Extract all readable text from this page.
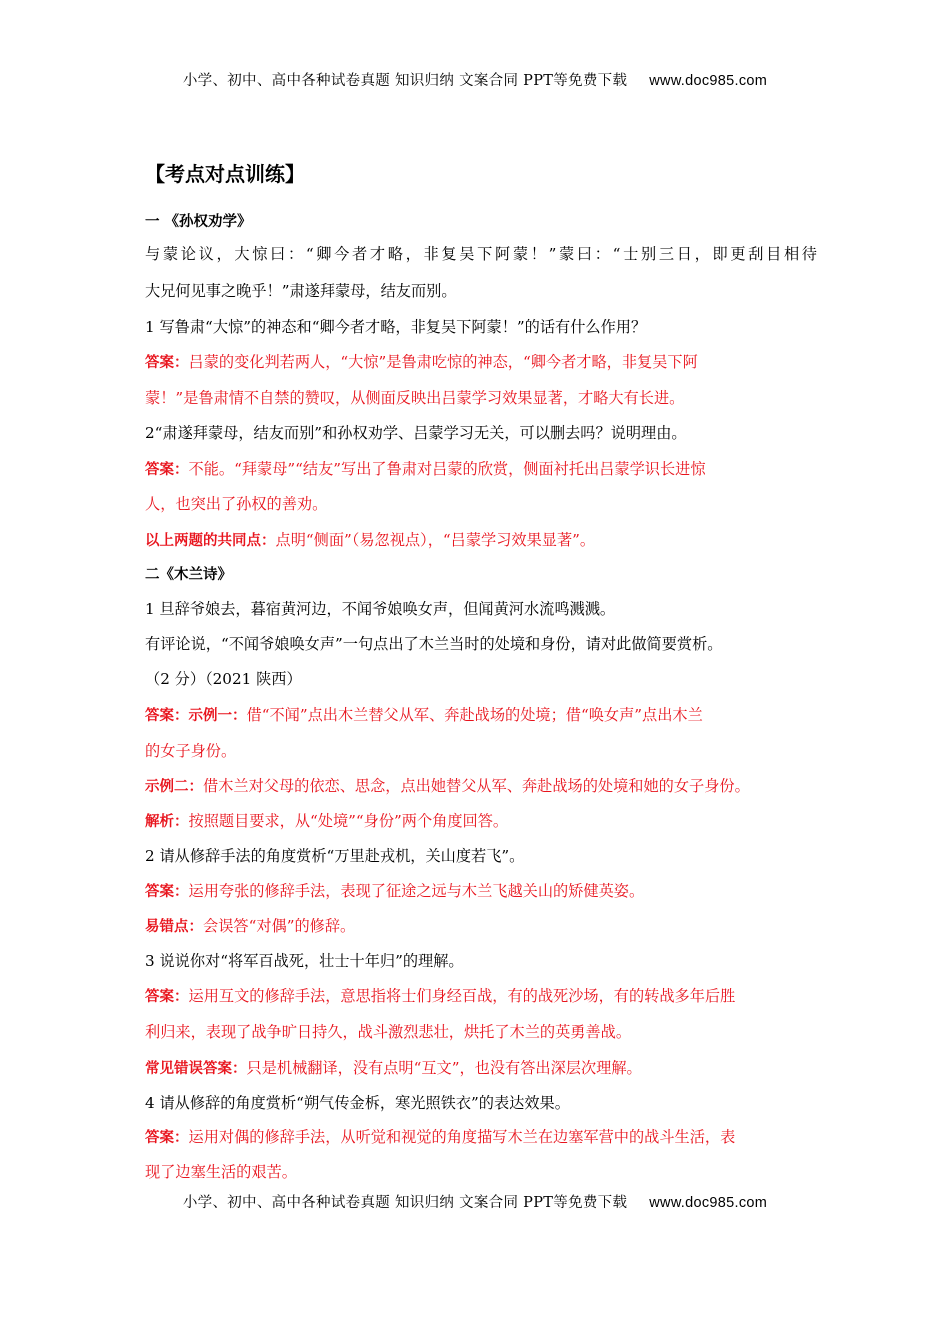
小学、初中、高中各种试卷真题 知识归纳 文案合同 PPT等免费下载 www.doc985.com
【考点对点训练】
一 《孙权劝学》
与蒙论议，大惊曰：“卿今者才略，非复吴下阿蒙！”蒙曰：“士别三日，即更刮目相待
大兄何见事之晚乎！”肃遂拜蒙母，结友而别。
1 写鲁肃“大惊”的神态和“卿今者才略，非复吴下阿蒙！”的话有什么作用？
答案：吕蒙的变化判若两人，“大惊”是鲁肃吃惊的神态，“卿今者才略，非复吴下阿
蒙！”是鲁肃情不自禁的赞叹，从侧面反映出吕蒙学习效果显著，才略大有长进。
2“肃遂拜蒙母，结友而别”和孙权劝学、吕蒙学习无关，可以删去吗？说明理由。
答案：不能。“拜蒙母”“结友”写出了鲁肃对吕蒙的欣赏，侧面衬托出吕蒙学识长进惊
人，也突出了孙权的善劝。
以上两题的共同点：点明“侧面”（易忽视点），“吕蒙学习效果显著”。
二《木兰诗》
1 旦辞爷娘去，暮宿黄河边，不闻爷娘唤女声，但闻黄河水流鸣溅溅。
有评论说，“不闻爷娘唤女声”一句点出了木兰当时的处境和身份，请对此做简要赏析。
（2 分）（2021 陕西）
答案：示例一：借“不闻”点出木兰替父从军、奔赴战场的处境；借“唤女声”点出木兰
的女子身份。
示例二：借木兰对父母的依恋、思念，点出她替父从军、奔赴战场的处境和她的女子身份。
解析：按照题目要求，从“处境”“身份”两个角度回答。
2 请从修辞手法的角度赏析“万里赴戎机，关山度若飞”。
答案：运用夸张的修辞手法，表现了征途之远与木兰飞越关山的矫健英姿。
易错点：会误答“对偶”的修辞。
3 说说你对“将军百战死，壮士十年归”的理解。
答案：运用互文的修辞手法，意思指将士们身经百战，有的战死沙场，有的转战多年后胜
利归来，表现了战争旷日持久，战斗激烈悲壮，烘托了木兰的英勇善战。
常见错误答案：只是机械翻译，没有点明“互文”，也没有答出深层次理解。
4 请从修辞的角度赏析“朔气传金柝，寒光照铁衣”的表达效果。
答案：运用对偶的修辞手法，从听觉和视觉的角度描写木兰在边塞军营中的战斗生活，表
现了边塞生活的艰苦。
小学、初中、高中各种试卷真题 知识归纳 文案合同 PPT等免费下载 www.doc985.com
